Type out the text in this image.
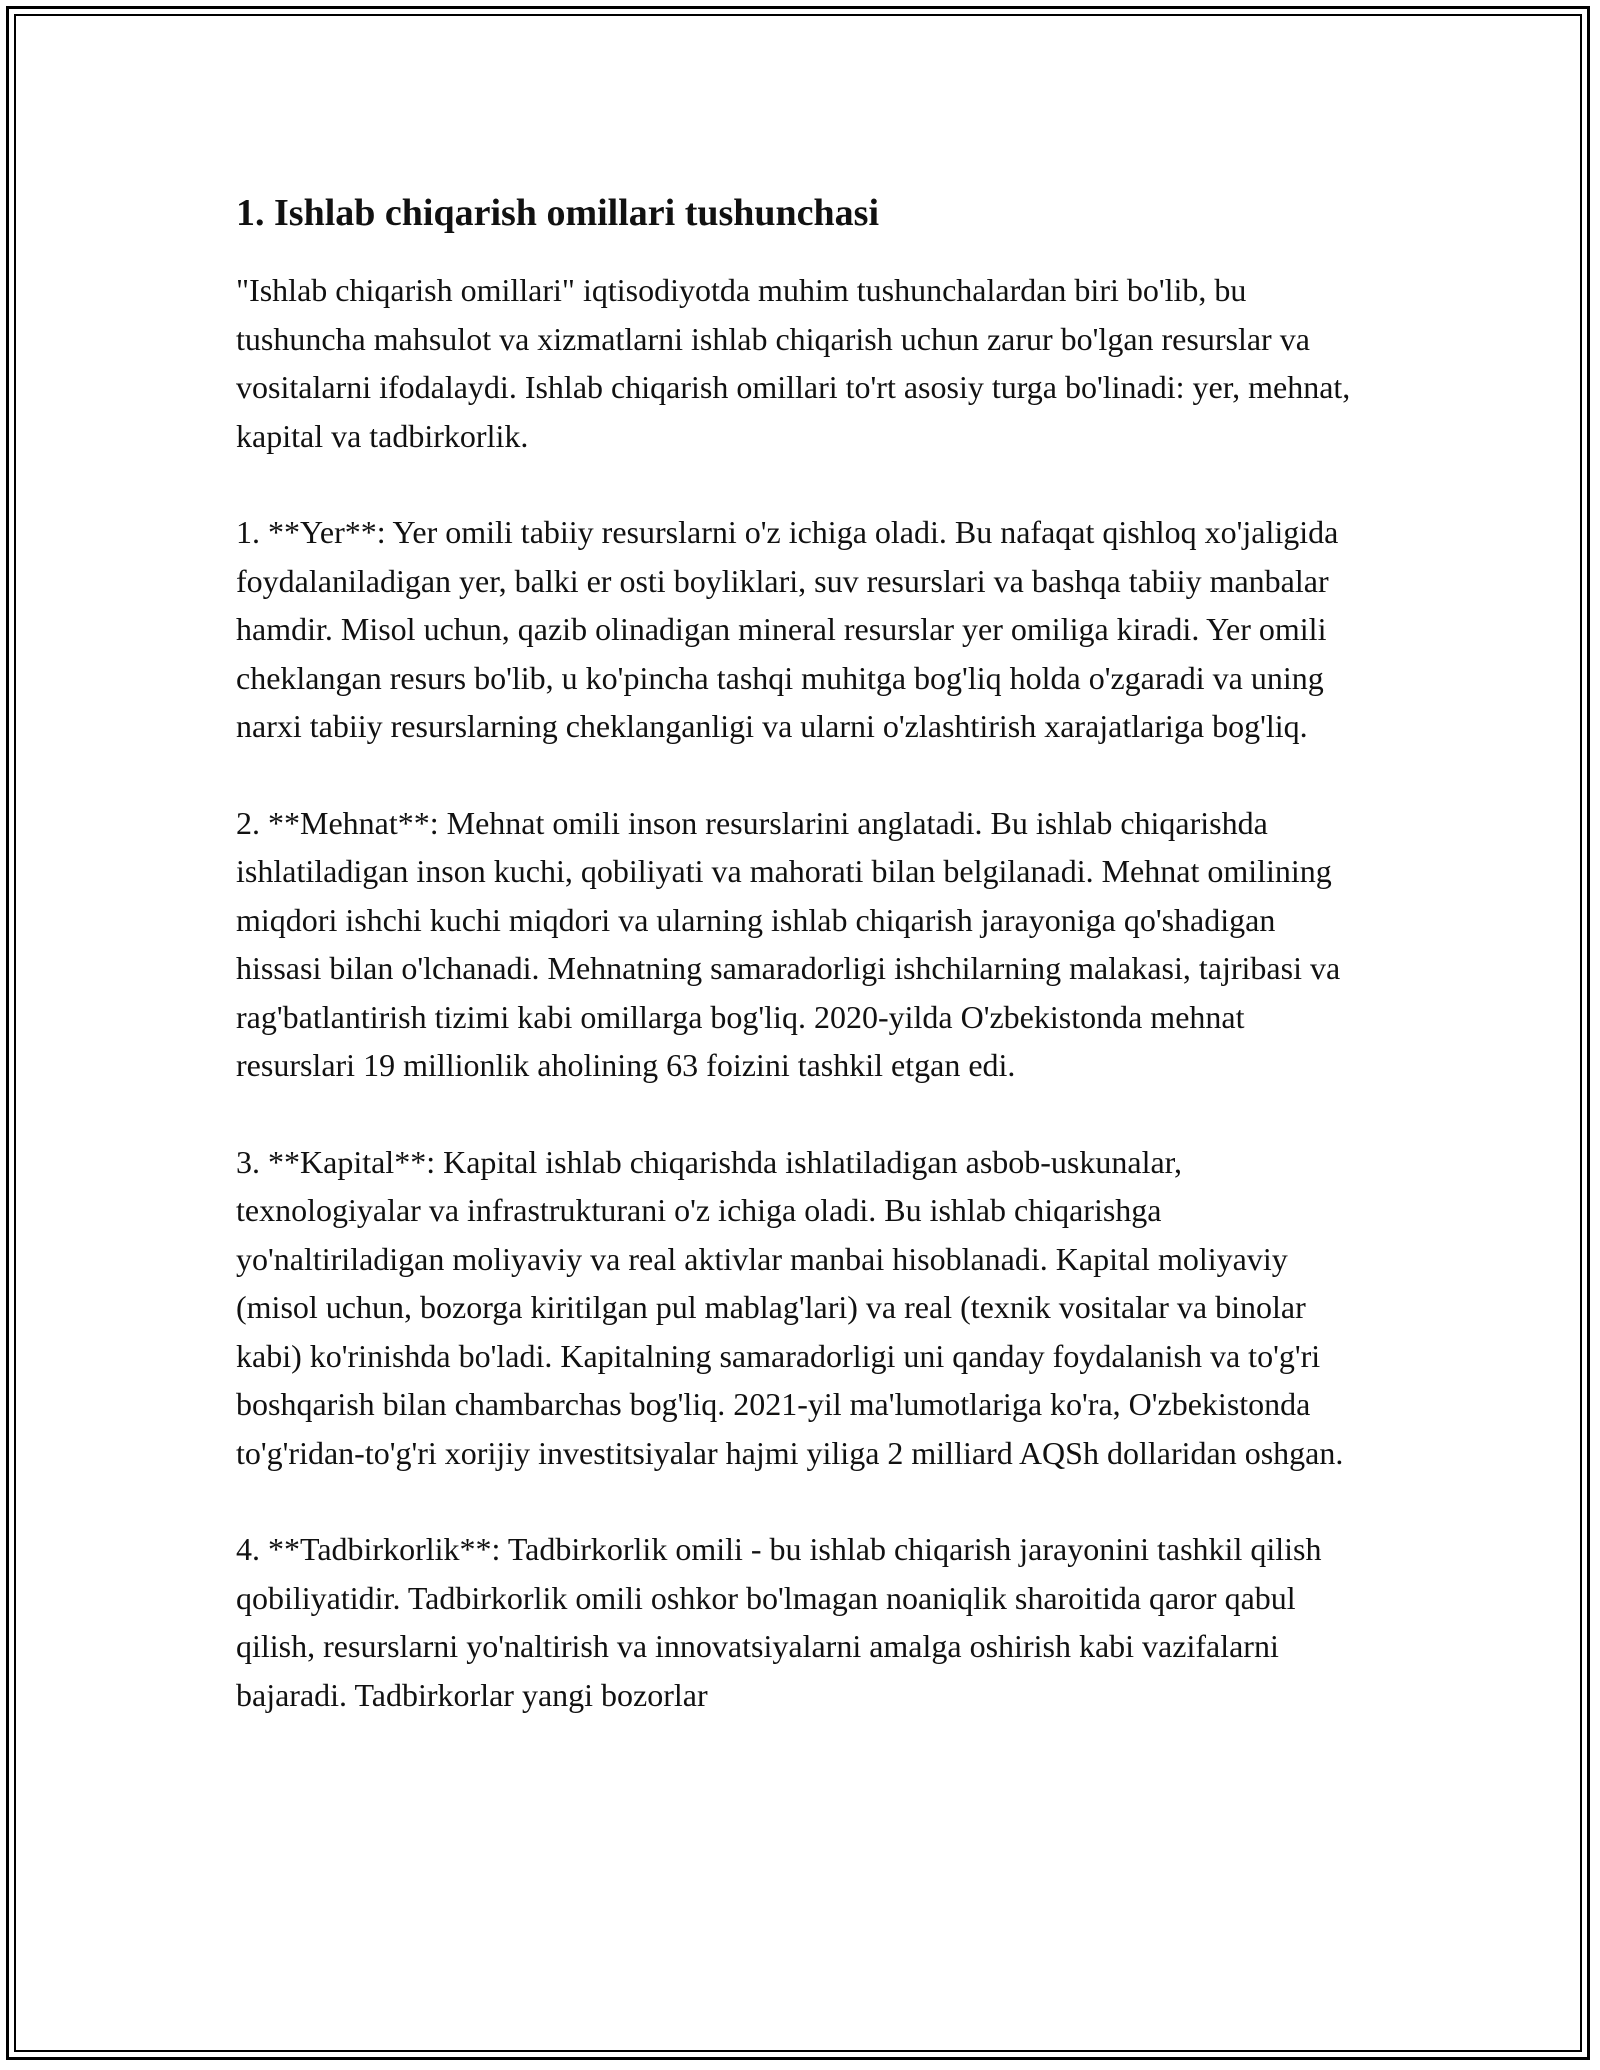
1. Ishlab chiqarish omillari tushunchasi

"Ishlab chiqarish omillari" iqtisodiyotda muhim tushunchalardan biri bo'lib, bu tushuncha mahsulot va xizmatlarni ishlab chiqarish uchun zarur bo'lgan resurslar va vositalarni ifodalaydi. Ishlab chiqarish omillari to'rt asosiy turga bo'linadi: yer, mehnat, kapital va tadbirkorlik.

1. **Yer**: Yer omili tabiiy resurslarni o'z ichiga oladi. Bu nafaqat qishloq xo'jaligida foydalaniladigan yer, balki er osti boyliklari, suv resurslari va bashqa tabiiy manbalar hamdir. Misol uchun, qazib olinadigan mineral resurslar yer omiliga kiradi. Yer omili cheklangan resurs bo'lib, u ko'pincha tashqi muhitga bog'liq holda o'zgaradi va uning narxi tabiiy resurslarning cheklanganligi va ularni o'zlashtirish xarajatlariga bog'liq.

2. **Mehnat**: Mehnat omili inson resurslarini anglatadi. Bu ishlab chiqarishda ishlatiladigan inson kuchi, qobiliyati va mahorati bilan belgilanadi. Mehnat omilining miqdori ishchi kuchi miqdori va ularning ishlab chiqarish jarayoniga qo'shadigan hissasi bilan o'lchanadi. Mehnatning samaradorligi ishchilarning malakasi, tajribasi va rag'batlantirish tizimi kabi omillarga bog'liq. 2020-yilda O'zbekistonda mehnat resurslari 19 millionlik aholining 63 foizini tashkil etgan edi.

3. **Kapital**: Kapital ishlab chiqarishda ishlatiladigan asbob-uskunalar, texnologiyalar va infrastrukturani o'z ichiga oladi. Bu ishlab chiqarishga yo'naltiriladigan moliyaviy va real aktivlar manbai hisoblanadi. Kapital moliyaviy (misol uchun, bozorga kiritilgan pul mablag'lari) va real (texnik vositalar va binolar kabi) ko'rinishda bo'ladi. Kapitalning samaradorligi uni qanday foydalanish va to'g'ri boshqarish bilan chambarchas bog'liq. 2021-yil ma'lumotlariga ko'ra, O'zbekistonda to'g'ridan-to'g'ri xorijiy investitsiyalar hajmi yiliga 2 milliard AQSh dollaridan oshgan.

4. **Tadbirkorlik**: Tadbirkorlik omili - bu ishlab chiqarish jarayonini tashkil qilish qobiliyatidir. Tadbirkorlik omili oshkor bo'lmagan noaniqlik sharoitida qaror qabul qilish, resurslarni yo'naltirish va innovatsiyalarni amalga oshirish kabi vazifalarni bajaradi. Tadbirkorlar yangi bozorlar
